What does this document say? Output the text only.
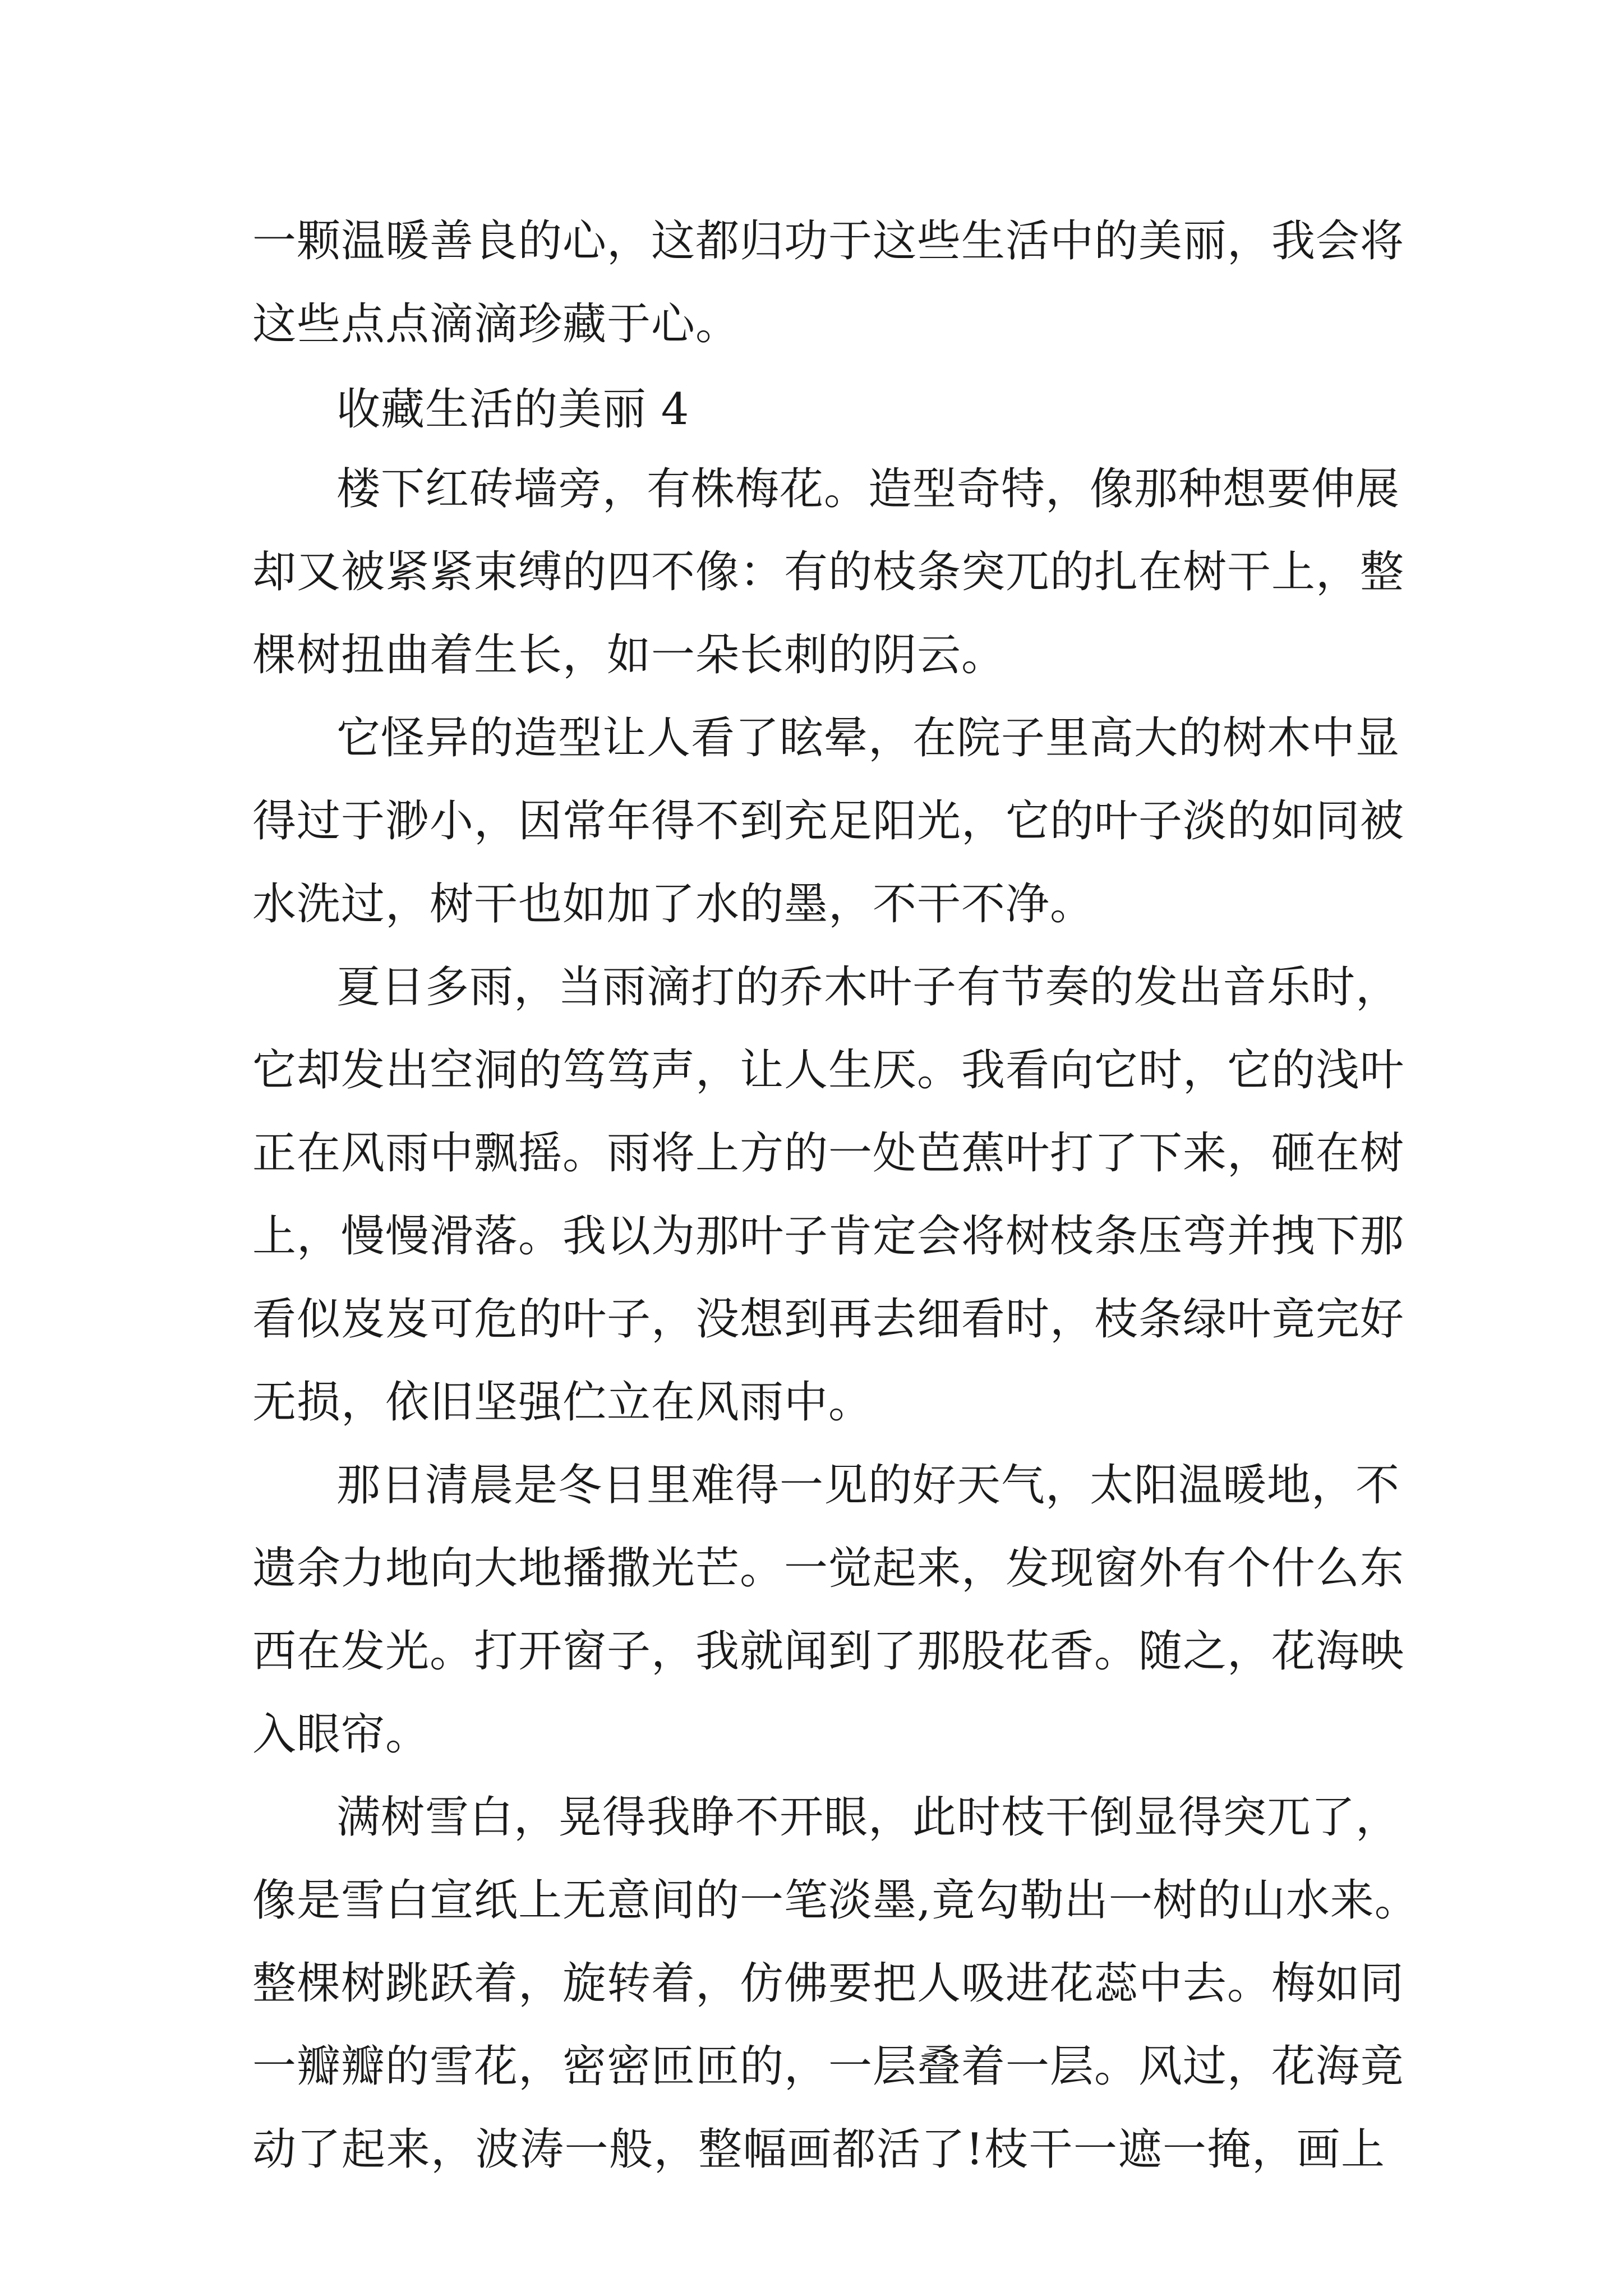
一颗温暖善良的心，这都归功于这些生活中的美丽，我会将
这些点点滴滴珍藏于心。
收藏生活的美丽 4
楼下红砖墙旁，有株梅花。造型奇特，像那种想要伸展
却又被紧紧束缚的四不像：有的枝条突兀的扎在树干上，整
棵树扭曲着生长，如一朵长刺的阴云。
它怪异的造型让人看了眩晕，在院子里高大的树木中显
得过于渺小，因常年得不到充足阳光，它的叶子淡的如同被
水洗过，树干也如加了水的墨，不干不净。
夏日多雨，当雨滴打的乔木叶子有节奏的发出音乐时，
它却发出空洞的笃笃声，让人生厌。我看向它时，它的浅叶
正在风雨中飘摇。雨将上方的一处芭蕉叶打了下来，砸在树
上，慢慢滑落。我以为那叶子肯定会将树枝条压弯并拽下那
看似岌岌可危的叶子，没想到再去细看时，枝条绿叶竟完好
无损，依旧坚强伫立在风雨中。
那日清晨是冬日里难得一见的好天气，太阳温暖地，不
遗余力地向大地播撒光芒。一觉起来，发现窗外有个什么东
西在发光。打开窗子，我就闻到了那股花香。随之，花海映
入眼帘。
满树雪白，晃得我睁不开眼，此时枝干倒显得突兀了，
像是雪白宣纸上无意间的一笔淡墨,竟勾勒出一树的山水来。
整棵树跳跃着，旋转着，仿佛要把人吸进花蕊中去。梅如同
一瓣瓣的雪花，密密匝匝的，一层叠着一层。风过，花海竟
动了起来，波涛一般，整幅画都活了!枝干一遮一掩，画上
